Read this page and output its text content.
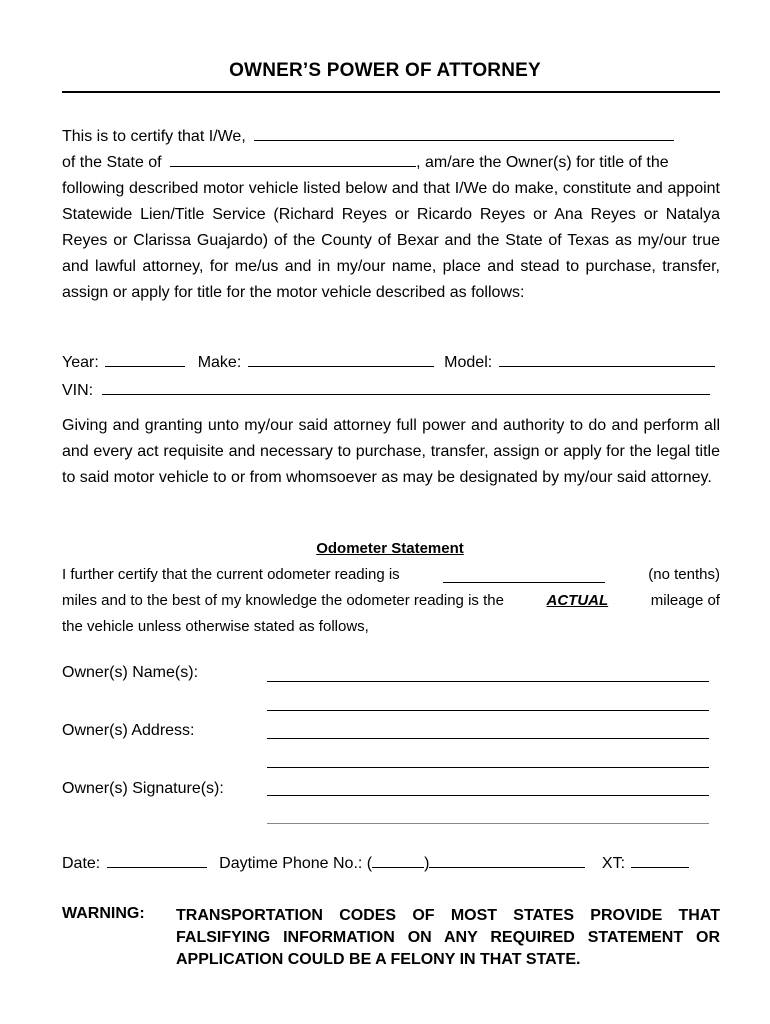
OWNER’S POWER OF ATTORNEY
This is to certify that I/We,
of the State of	, am/are the Owner(s) for title of the
following described motor vehicle listed below and that I/We do make, constitute and appoint Statewide Lien/Title Service (Richard Reyes or Ricardo Reyes or Ana Reyes or Natalya Reyes or Clarissa Guajardo) of the County of Bexar and the State of Texas as my/our true and lawful attorney, for me/us and in my/our name, place and stead to purchase, transfer, assign or apply for title for the motor vehicle described as follows:
Year:	Make:	Model:
VIN:
Giving and granting unto my/our said attorney full power and authority to do and perform all and every act requisite and necessary to purchase, transfer, assign or apply for the legal title to said motor vehicle to or from whomsoever as may be designated by my/our said attorney.
Odometer Statement
I further certify that the current odometer reading is	(no tenths)
miles and to the best of my knowledge the odometer reading is the	ACTUAL	mileage of
the vehicle unless otherwise stated as follows,
Owner(s) Name(s):
Owner(s) Address:
Owner(s) Signature(s):
Date:	Daytime Phone No.: (	)	XT:
WARNING: TRANSPORTATION CODES OF MOST STATES PROVIDE THAT FALSIFYING INFORMATION ON ANY REQUIRED STATEMENT OR APPLICATION COULD BE A FELONY IN THAT STATE.
